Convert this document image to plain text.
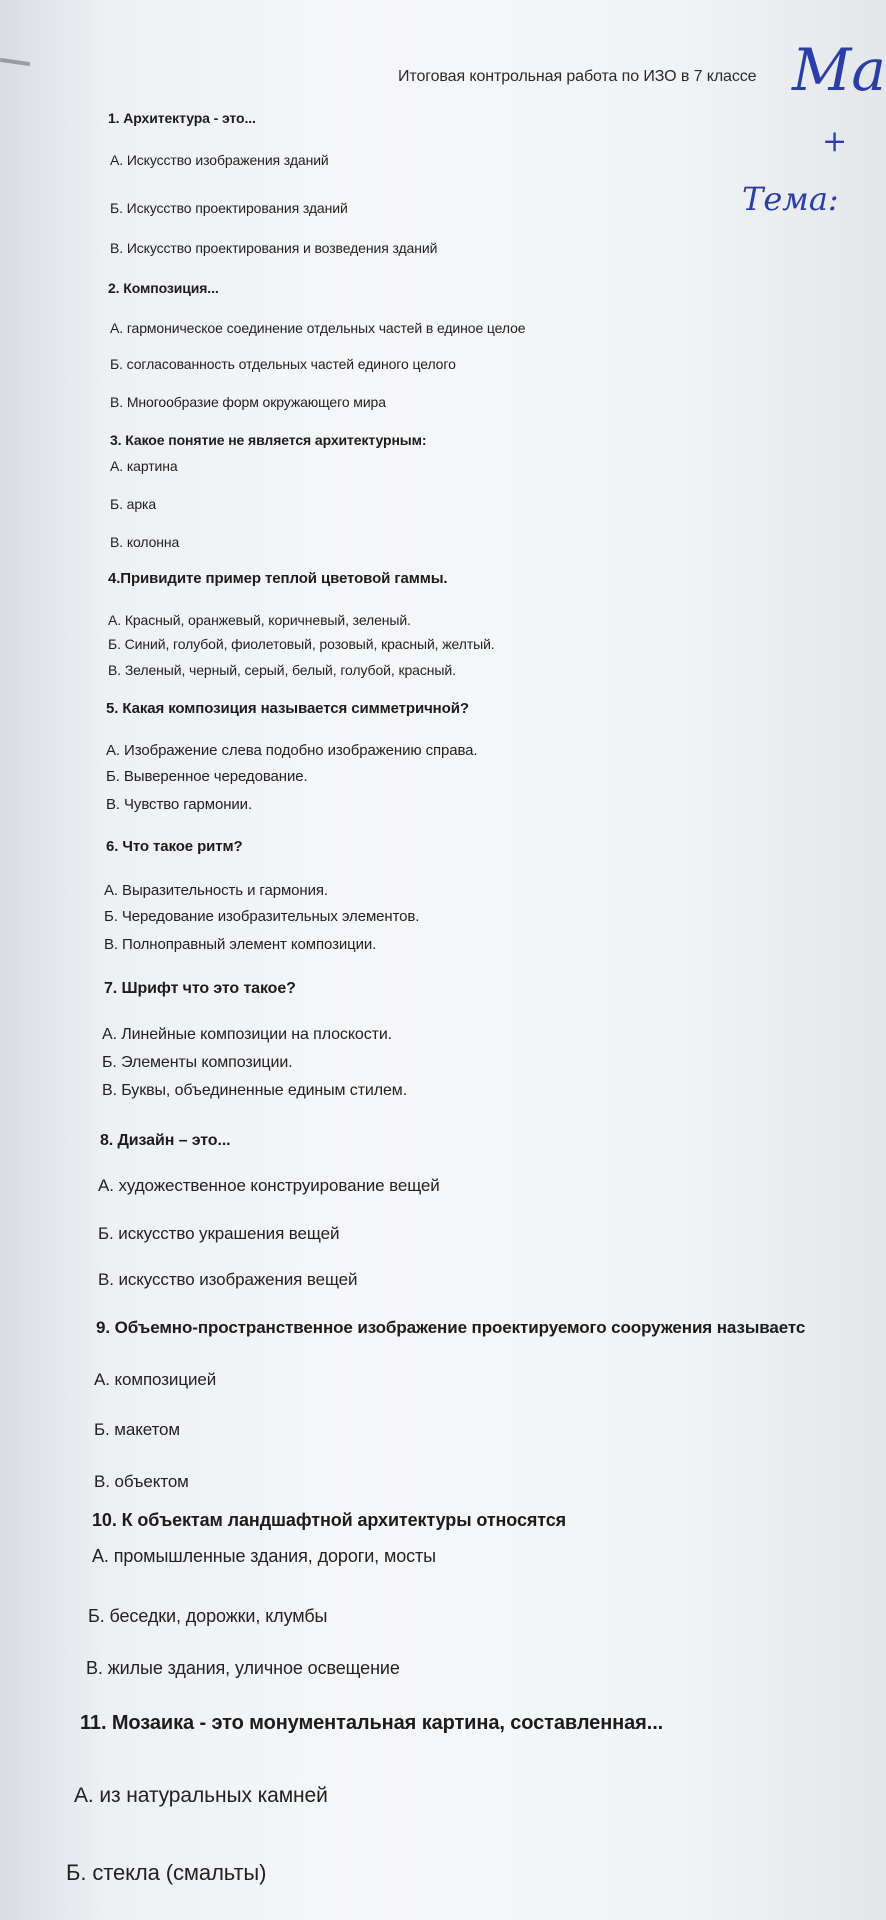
Итоговая контрольная работа по ИЗО в 7 классе Ма
+
Тема:
1. Архитектура - это...
А. Искусство изображения зданий
Б. Искусство проектирования зданий
В. Искусство проектирования и возведения зданий
2. Композиция...
А. гармоническое соединение отдельных частей в единое целое
Б. согласованность отдельных частей единого целого
В. Многообразие форм окружающего мира
3. Какое понятие не является архитектурным:
А. картина
Б. арка
В. колонна
4.Привидите пример теплой цветовой гаммы.
А. Красный, оранжевый, коричневый, зеленый.
Б. Синий, голубой, фиолетовый, розовый, красный, желтый.
В. Зеленый, черный, серый, белый, голубой, красный.
5. Какая композиция называется симметричной?
А. Изображение слева подобно изображению справа.
Б. Выверенное чередование.
В. Чувство гармонии.
6. Что такое ритм?
А. Выразительность и гармония.
Б. Чередование изобразительных элементов.
В. Полноправный элемент композиции.
7. Шрифт что это такое?
А. Линейные композиции на плоскости.
Б. Элементы композиции.
В. Буквы, объединенные единым стилем.
8. Дизайн – это...
А. художественное конструирование вещей
Б. искусство украшения вещей
В. искусство изображения вещей
9. Объемно-пространственное изображение проектируемого сооружения называетс
А. композицией
Б. макетом
В. объектом
10. К объектам ландшафтной архитектуры относятся
А. промышленные здания, дороги, мосты
Б. беседки, дорожки, клумбы
В. жилые здания, уличное освещение
11. Мозаика - это монументальная картина, составленная...
А. из натуральных камней
Б. стекла (смальты)
